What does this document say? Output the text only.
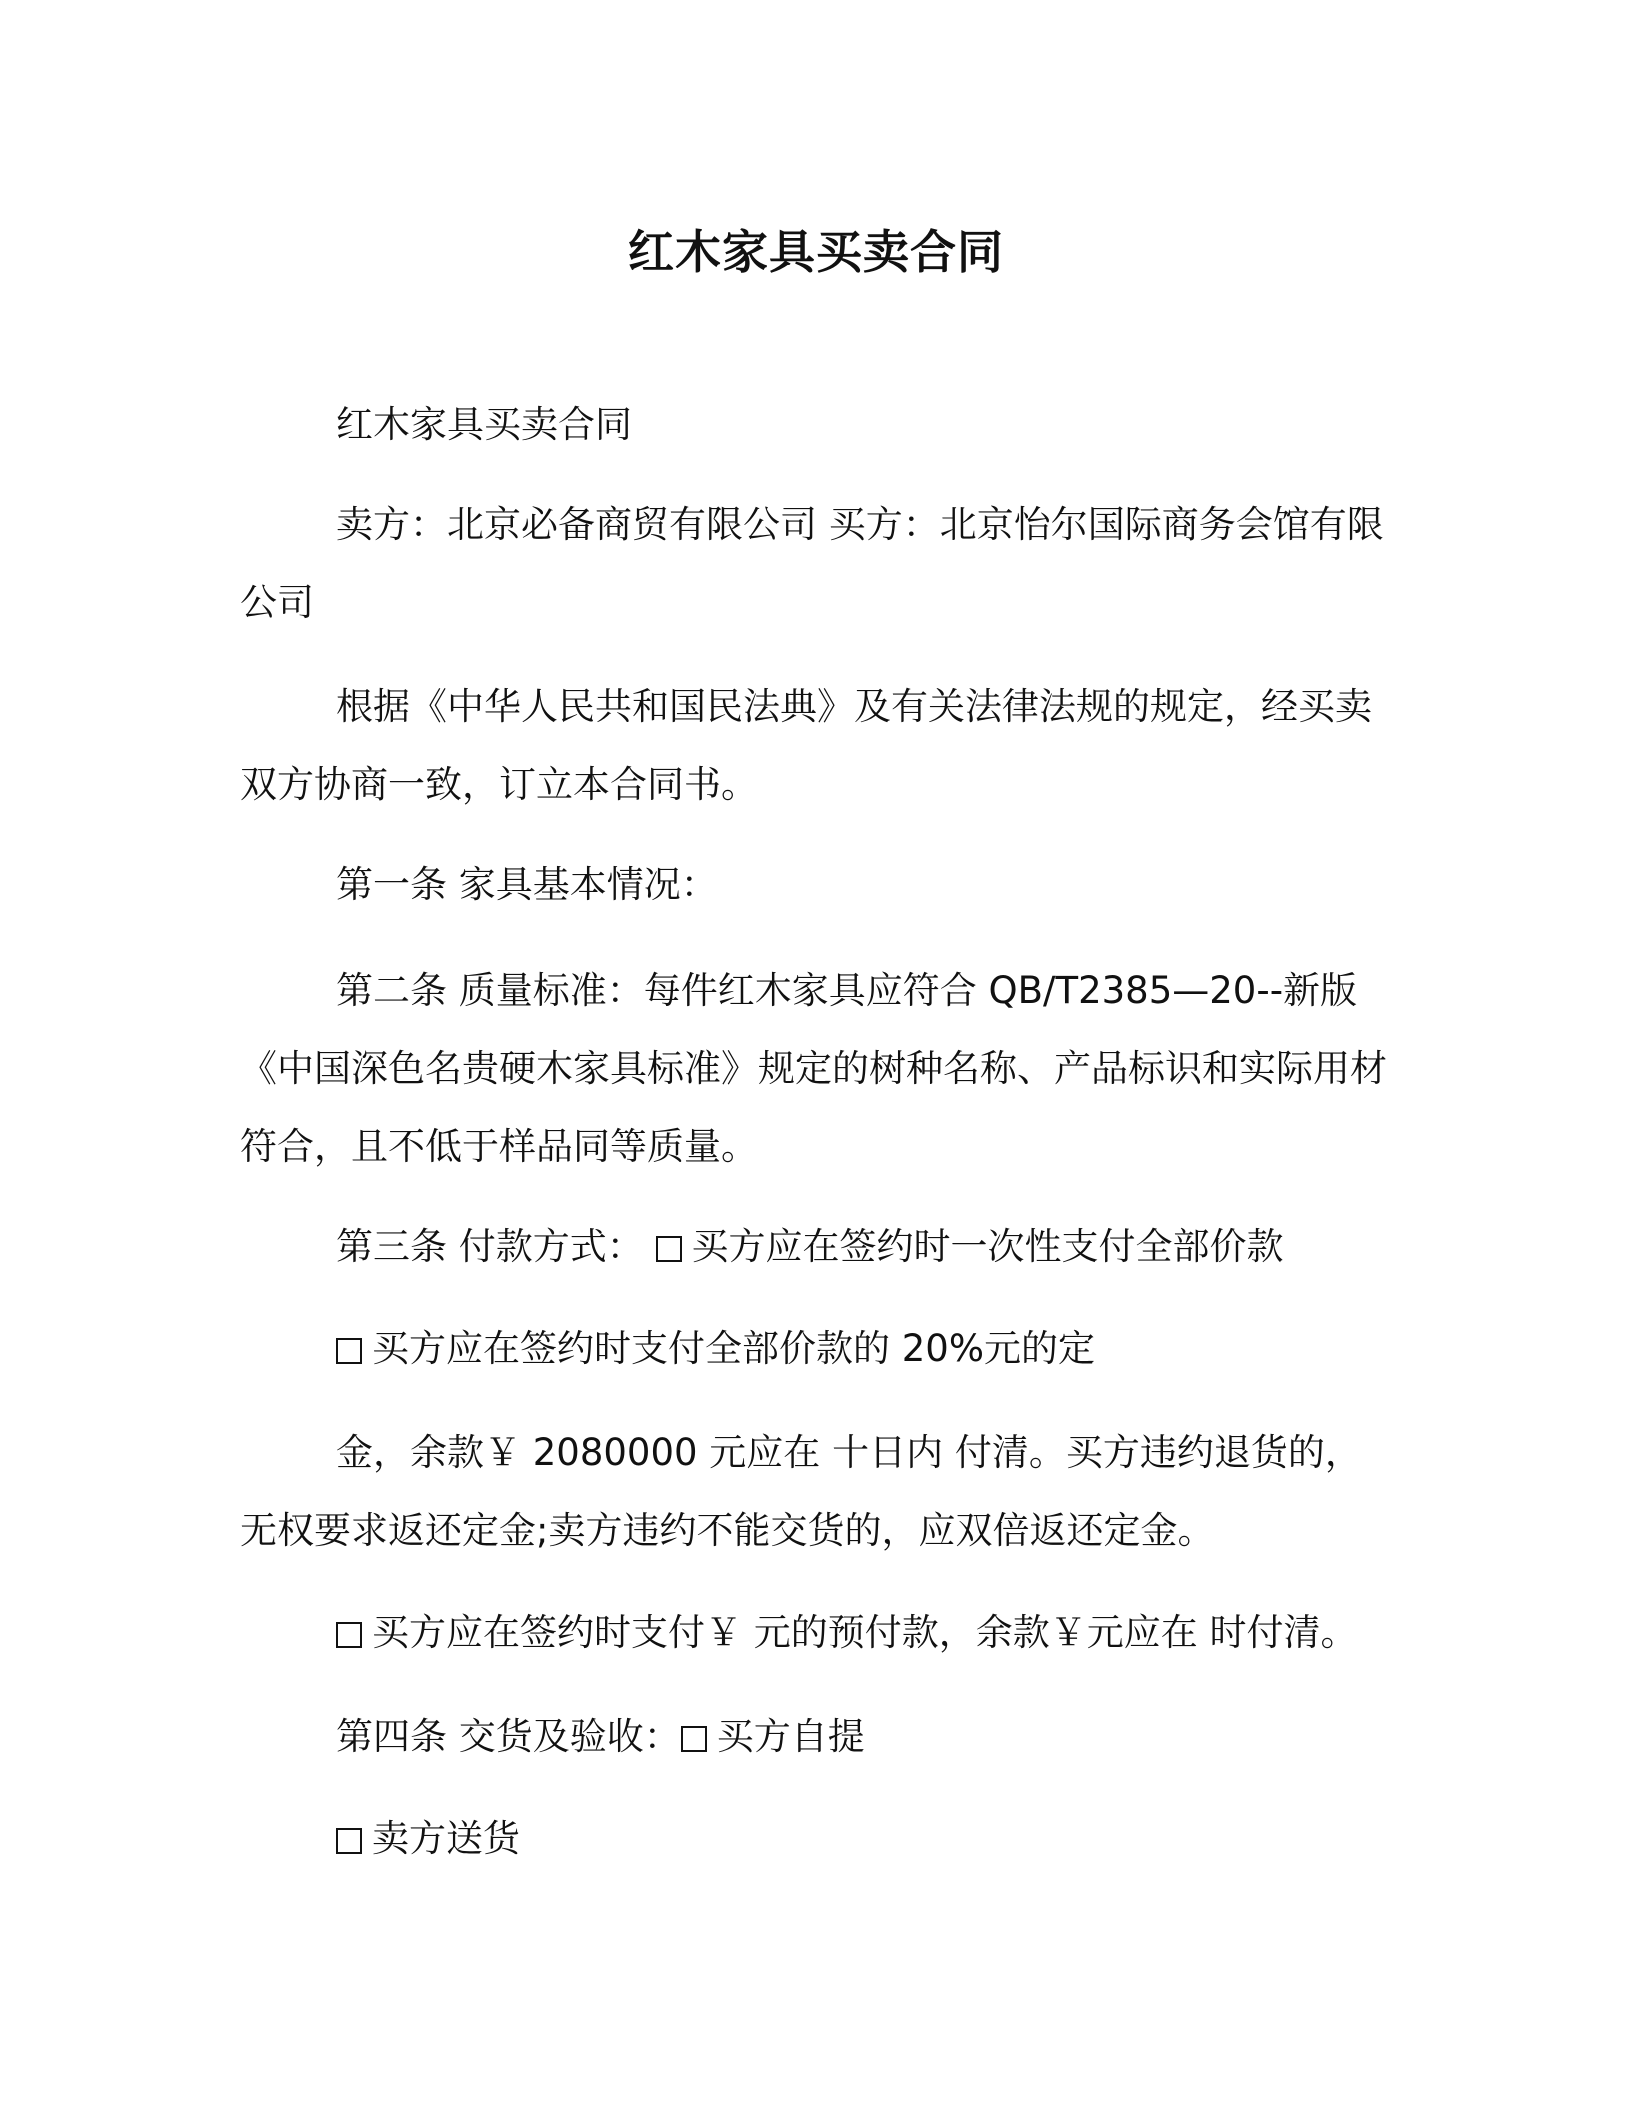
红木家具买卖合同

红木家具买卖合同

卖方：北京必备商贸有限公司 买方：北京怡尔国际商务会馆有限公司

根据《中华人民共和国民法典》及有关法律法规的规定，经买卖双方协商一致，订立本合同书。

第一条 家具基本情况：

第二条 质量标准：每件红木家具应符合 QB/T2385—20--新版《中国深色名贵硬木家具标准》规定的树种名称、产品标识和实际用材符合，且不低于样品同等质量。

第三条 付款方式： 买方应在签约时一次性支付全部价款

买方应在签约时支付全部价款的 20%元的定

金，余款￥ 2080000 元应在 十日内 付清。买方违约退货的，无权要求返还定金;卖方违约不能交货的，应双倍返还定金。

买方应在签约时支付￥ 元的预付款，余款￥元应在 时付清。

第四条 交货及验收： 买方自提

卖方送货
